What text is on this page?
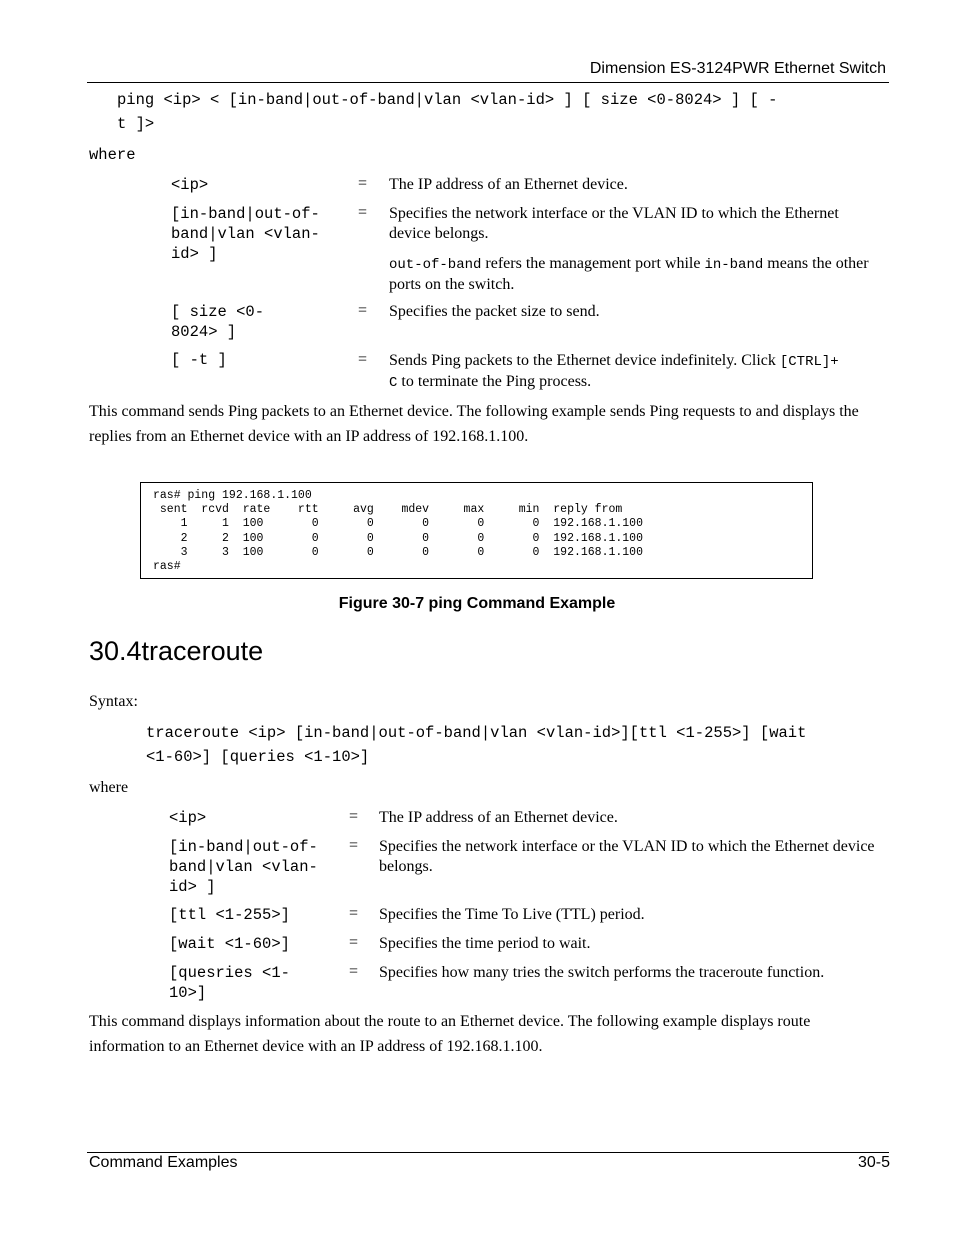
Dimension ES-3124PWR Ethernet Switch
ping <ip> < [in-band|out-of-band|vlan <vlan-id> ] [ size <0-8024> ] [ -
t ]>
where
<ip>	= The IP address of an Ethernet device.
[in-band|out-of-
band|vlan <vlan-
id> ]
= Specifies the network interface or the VLAN ID to which the Ethernet device belongs.
out-of-band refers the management port while in-band means the other ports on the switch.
[ size <0-
8024> ]
= Specifies the packet size to send.
[ -t ]	= Sends Ping packets to the Ethernet device indefinitely. Click [CTRL]+
C to terminate the Ping process.
This command sends Ping packets to an Ethernet device. The following example sends Ping requests to and displays the replies from an Ethernet device with an IP address of 192.168.1.100.
ras# ping 192.168.1.100
sent  rcvd  rate    rtt     avg    mdev     max     min  reply from
1     1  100       0       0       0       0       0  192.168.1.100
2     2  100       0       0       0       0       0  192.168.1.100
3     3  100       0       0       0       0       0  192.168.1.100
ras#
Figure 30-7 ping Command Example
30.4traceroute
Syntax:
traceroute <ip> [in-band|out-of-band|vlan <vlan-id>][ttl <1-255>] [wait
<1-60>] [queries <1-10>]
where
<ip>	= The IP address of an Ethernet device.
[in-band|out-of-
band|vlan <vlan-
id> ]
= Specifies the network interface or the VLAN ID to which the Ethernet device belongs.
[ttl <1-255>]	= Specifies the Time To Live (TTL) period.
[wait <1-60>]	= Specifies the time period to wait.
[quesries <1-
10>]
= Specifies how many tries the switch performs the traceroute function.
This command displays information about the route to an Ethernet device. The following example displays route information to an Ethernet device with an IP address of 192.168.1.100.
Command Examples	30-5
